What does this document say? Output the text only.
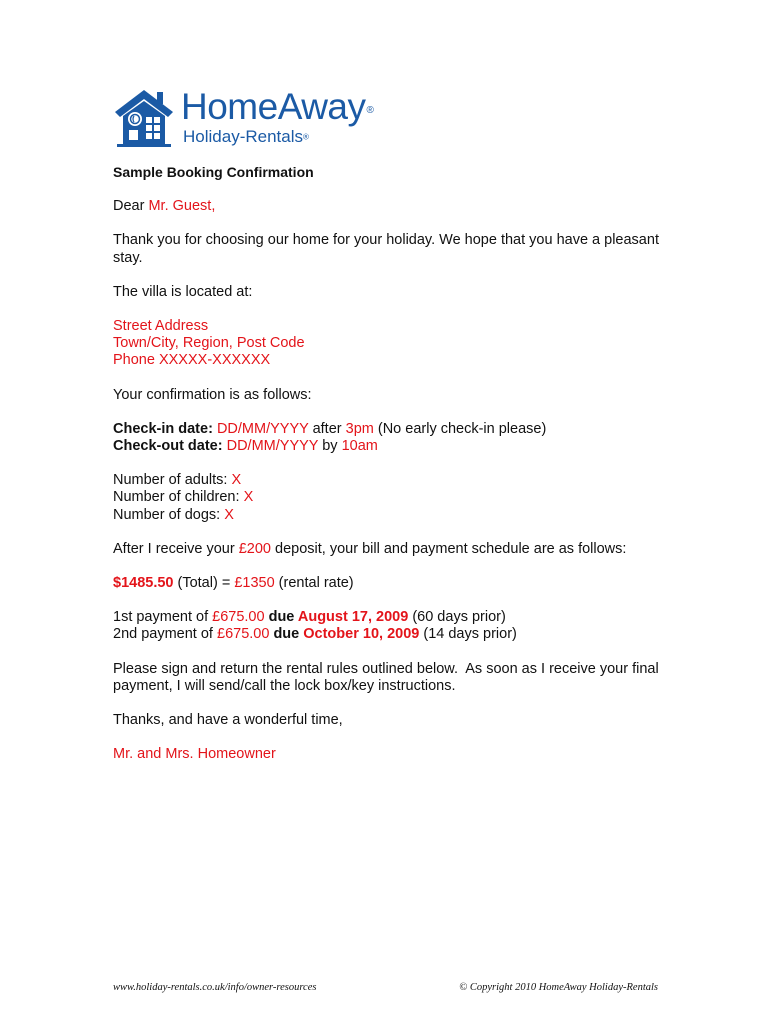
HomeAway®
Holiday-Rentals®

Sample Booking Confirmation

Dear Mr. Guest,

Thank you for choosing our home for your holiday. We hope that you have a pleasant stay.

The villa is located at:

Street Address

Town/City, Region, Post Code

Phone XXXXX-XXXXXX

Your confirmation is as follows:

Check-in date: DD/MM/YYYY after 3pm (No early check-in please)

Check-out date: DD/MM/YYYY by 10am

Number of adults: X

Number of children: X

Number of dogs: X

After I receive your £200 deposit, your bill and payment schedule are as follows:

$1485.50 (Total) = £1350 (rental rate)

1st payment of £675.00 due August 17, 2009 (60 days prior)

2nd payment of £675.00 due October 10, 2009 (14 days prior)

Please sign and return the rental rules outlined below.  As soon as I receive your final payment, I will send/call the lock box/key instructions.

Thanks, and have a wonderful time,

Mr. and Mrs. Homeowner

www.holiday-rentals.co.uk/info/owner-resources	© Copyright 2010 HomeAway Holiday-Rentals
